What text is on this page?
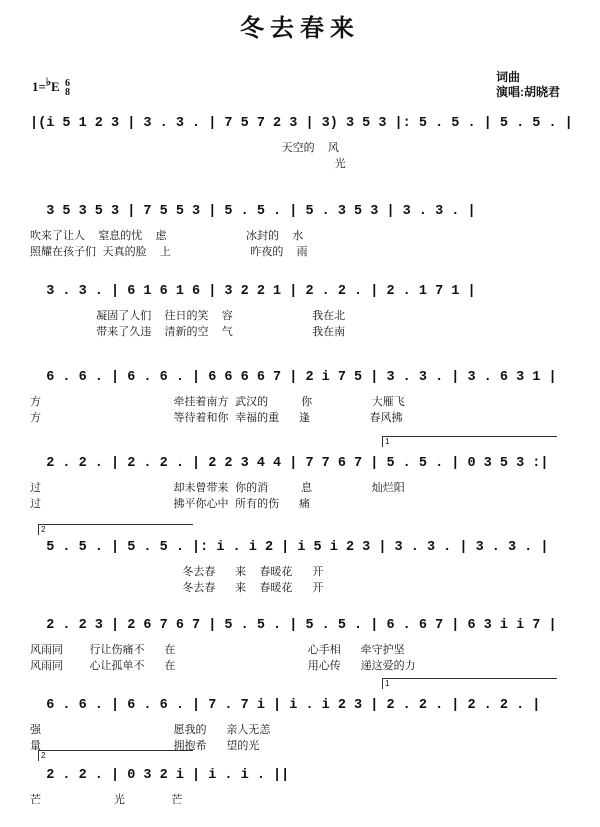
冬去春来
1=♭E 6
8
词曲
演唱:胡晓君
|(i 5 1 2 3 | 3 . 3 . | 7 5 7 2 3 | 3) 3 5 3 |: 5 . 5 . | 5 . 5 . |
天空的  风
光
3 5 3 5 3 | 7 5 5 3 | 5 . 5 . | 5 . 3 5 3 | 3 . 3 . |
吹来了让人  窒息的忧  虑            冰封的  水
照耀在孩子们 天真的脸  上            昨夜的  雨
3 . 3 . | 6 1 6 1 6 | 3 2 2 1 | 2 . 2 . | 2 . 1 7 1 |
凝固了人们  往日的笑  容            我在北
带来了久违  清新的空  气            我在南
6 . 6 . | 6 . 6 . | 6 6 6 6 7 | 2 i 7 5 | 3 . 3 . | 3 . 6 3 1 |
方                    牵挂着南方 武汉的     你         大雁飞
方                    等待着和你 幸福的重   逢         春风拂
1
2 . 2 . | 2 . 2 . | 2 2 3 4 4 | 7 7 6 7 | 5 . 5 . | 0 3 5 3 :|
过                    却未曾带来 你的消     息         灿烂阳
过                    拂平你心中 所有的伤   痛
2
5 . 5 . | 5 . 5 . |: i . i 2 | i 5 i 2 3 | 3 . 3 . | 3 . 3 . |
冬去春   来  春暖花   开
冬去春   来  春暖花   开
2 . 2 3 | 2 6 7 6 7 | 5 . 5 . | 5 . 5 . | 6 . 6 7 | 6 3 i i 7 |
风雨同    行让伤痛不   在                    心手相   牵守护坚
风雨同    心让孤单不   在                    用心传   递这爱的力
1
6 . 6 . | 6 . 6 . | 7 . 7 i | i . i 2 3 | 2 . 2 . | 2 . 2 . |
强                    愿我的   亲人无恙
量                    拥抱希   望的光
2
2 . 2 . | 0 3 2 i | i . i . ||
芒           光       芒
